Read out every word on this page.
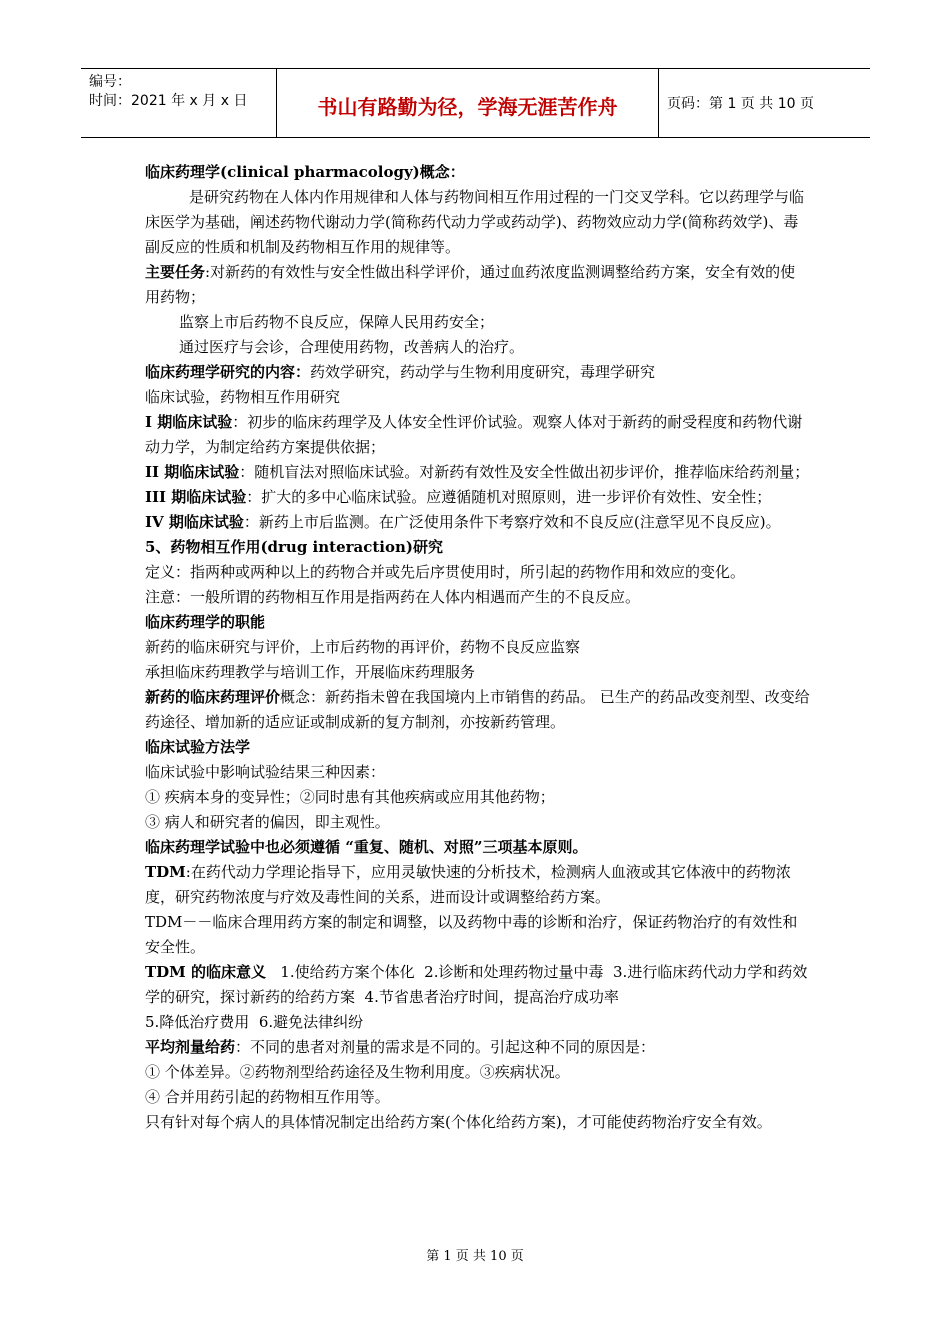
编号：
时间：2021 年 x 月 x 日	书山有路勤为径，学海无涯苦作舟	页码：第 1 页 共 10 页

临床药理学(clinical pharmacology)概念：

是研究药物在人体内作用规律和人体与药物间相互作用过程的一门交叉学科。它以药理学与临床医学为基础，阐述药物代谢动力学(简称药代动力学或药动学)、药物效应动力学(简称药效学)、毒副反应的性质和机制及药物相互作用的规律等。

主要任务:对新药的有效性与安全性做出科学评价，通过血药浓度监测调整给药方案，安全有效的使用药物；

监察上市后药物不良反应，保障人民用药安全；

通过医疗与会诊，合理使用药物，改善病人的治疗。

临床药理学研究的内容：药效学研究，药动学与生物利用度研究，毒理学研究

临床试验，药物相互作用研究

I 期临床试验：初步的临床药理学及人体安全性评价试验。观察人体对于新药的耐受程度和药物代谢动力学，为制定给药方案提供依据；

II 期临床试验：随机盲法对照临床试验。对新药有效性及安全性做出初步评价，推荐临床给药剂量；

III 期临床试验：扩大的多中心临床试验。应遵循随机对照原则，进一步评价有效性、安全性；

IV 期临床试验：新药上市后监测。在广泛使用条件下考察疗效和不良反应(注意罕见不良反应)。

5、药物相互作用(drug interaction)研究

定义：指两种或两种以上的药物合并或先后序贯使用时，所引起的药物作用和效应的变化。

注意：一般所谓的药物相互作用是指两药在人体内相遇而产生的不良反应。

临床药理学的职能

新药的临床研究与评价，上市后药物的再评价，药物不良反应监察

承担临床药理教学与培训工作，开展临床药理服务

新药的临床药理评价概念：新药指未曾在我国境内上市销售的药品。 已生产的药品改变剂型、改变给药途径、增加新的适应证或制成新的复方制剂，亦按新药管理。

临床试验方法学

临床试验中影响试验结果三种因素：

① 疾病本身的变异性；②同时患有其他疾病或应用其他药物；

③ 病人和研究者的偏因，即主观性。

临床药理学试验中也必须遵循 “重复、随机、对照”三项基本原则。

TDM:在药代动力学理论指导下，应用灵敏快速的分析技术，检测病人血液或其它体液中的药物浓度，研究药物浓度与疗效及毒性间的关系，进而设计或调整给药方案。

TDM－－临床合理用药方案的制定和调整，以及药物中毒的诊断和治疗，保证药物治疗的有效性和安全性。

TDM 的临床意义   1.使给药方案个体化  2.诊断和处理药物过量中毒  3.进行临床药代动力学和药效学的研究，探讨新药的给药方案  4.节省患者治疗时间，提高治疗成功率

5.降低治疗费用  6.避免法律纠纷

平均剂量给药：不同的患者对剂量的需求是不同的。引起这种不同的原因是：

① 个体差异。②药物剂型给药途径及生物利用度。③疾病状况。

④ 合并用药引起的药物相互作用等。

只有针对每个病人的具体情况制定出给药方案(个体化给药方案)，才可能使药物治疗安全有效。

第 1 页 共 10 页
